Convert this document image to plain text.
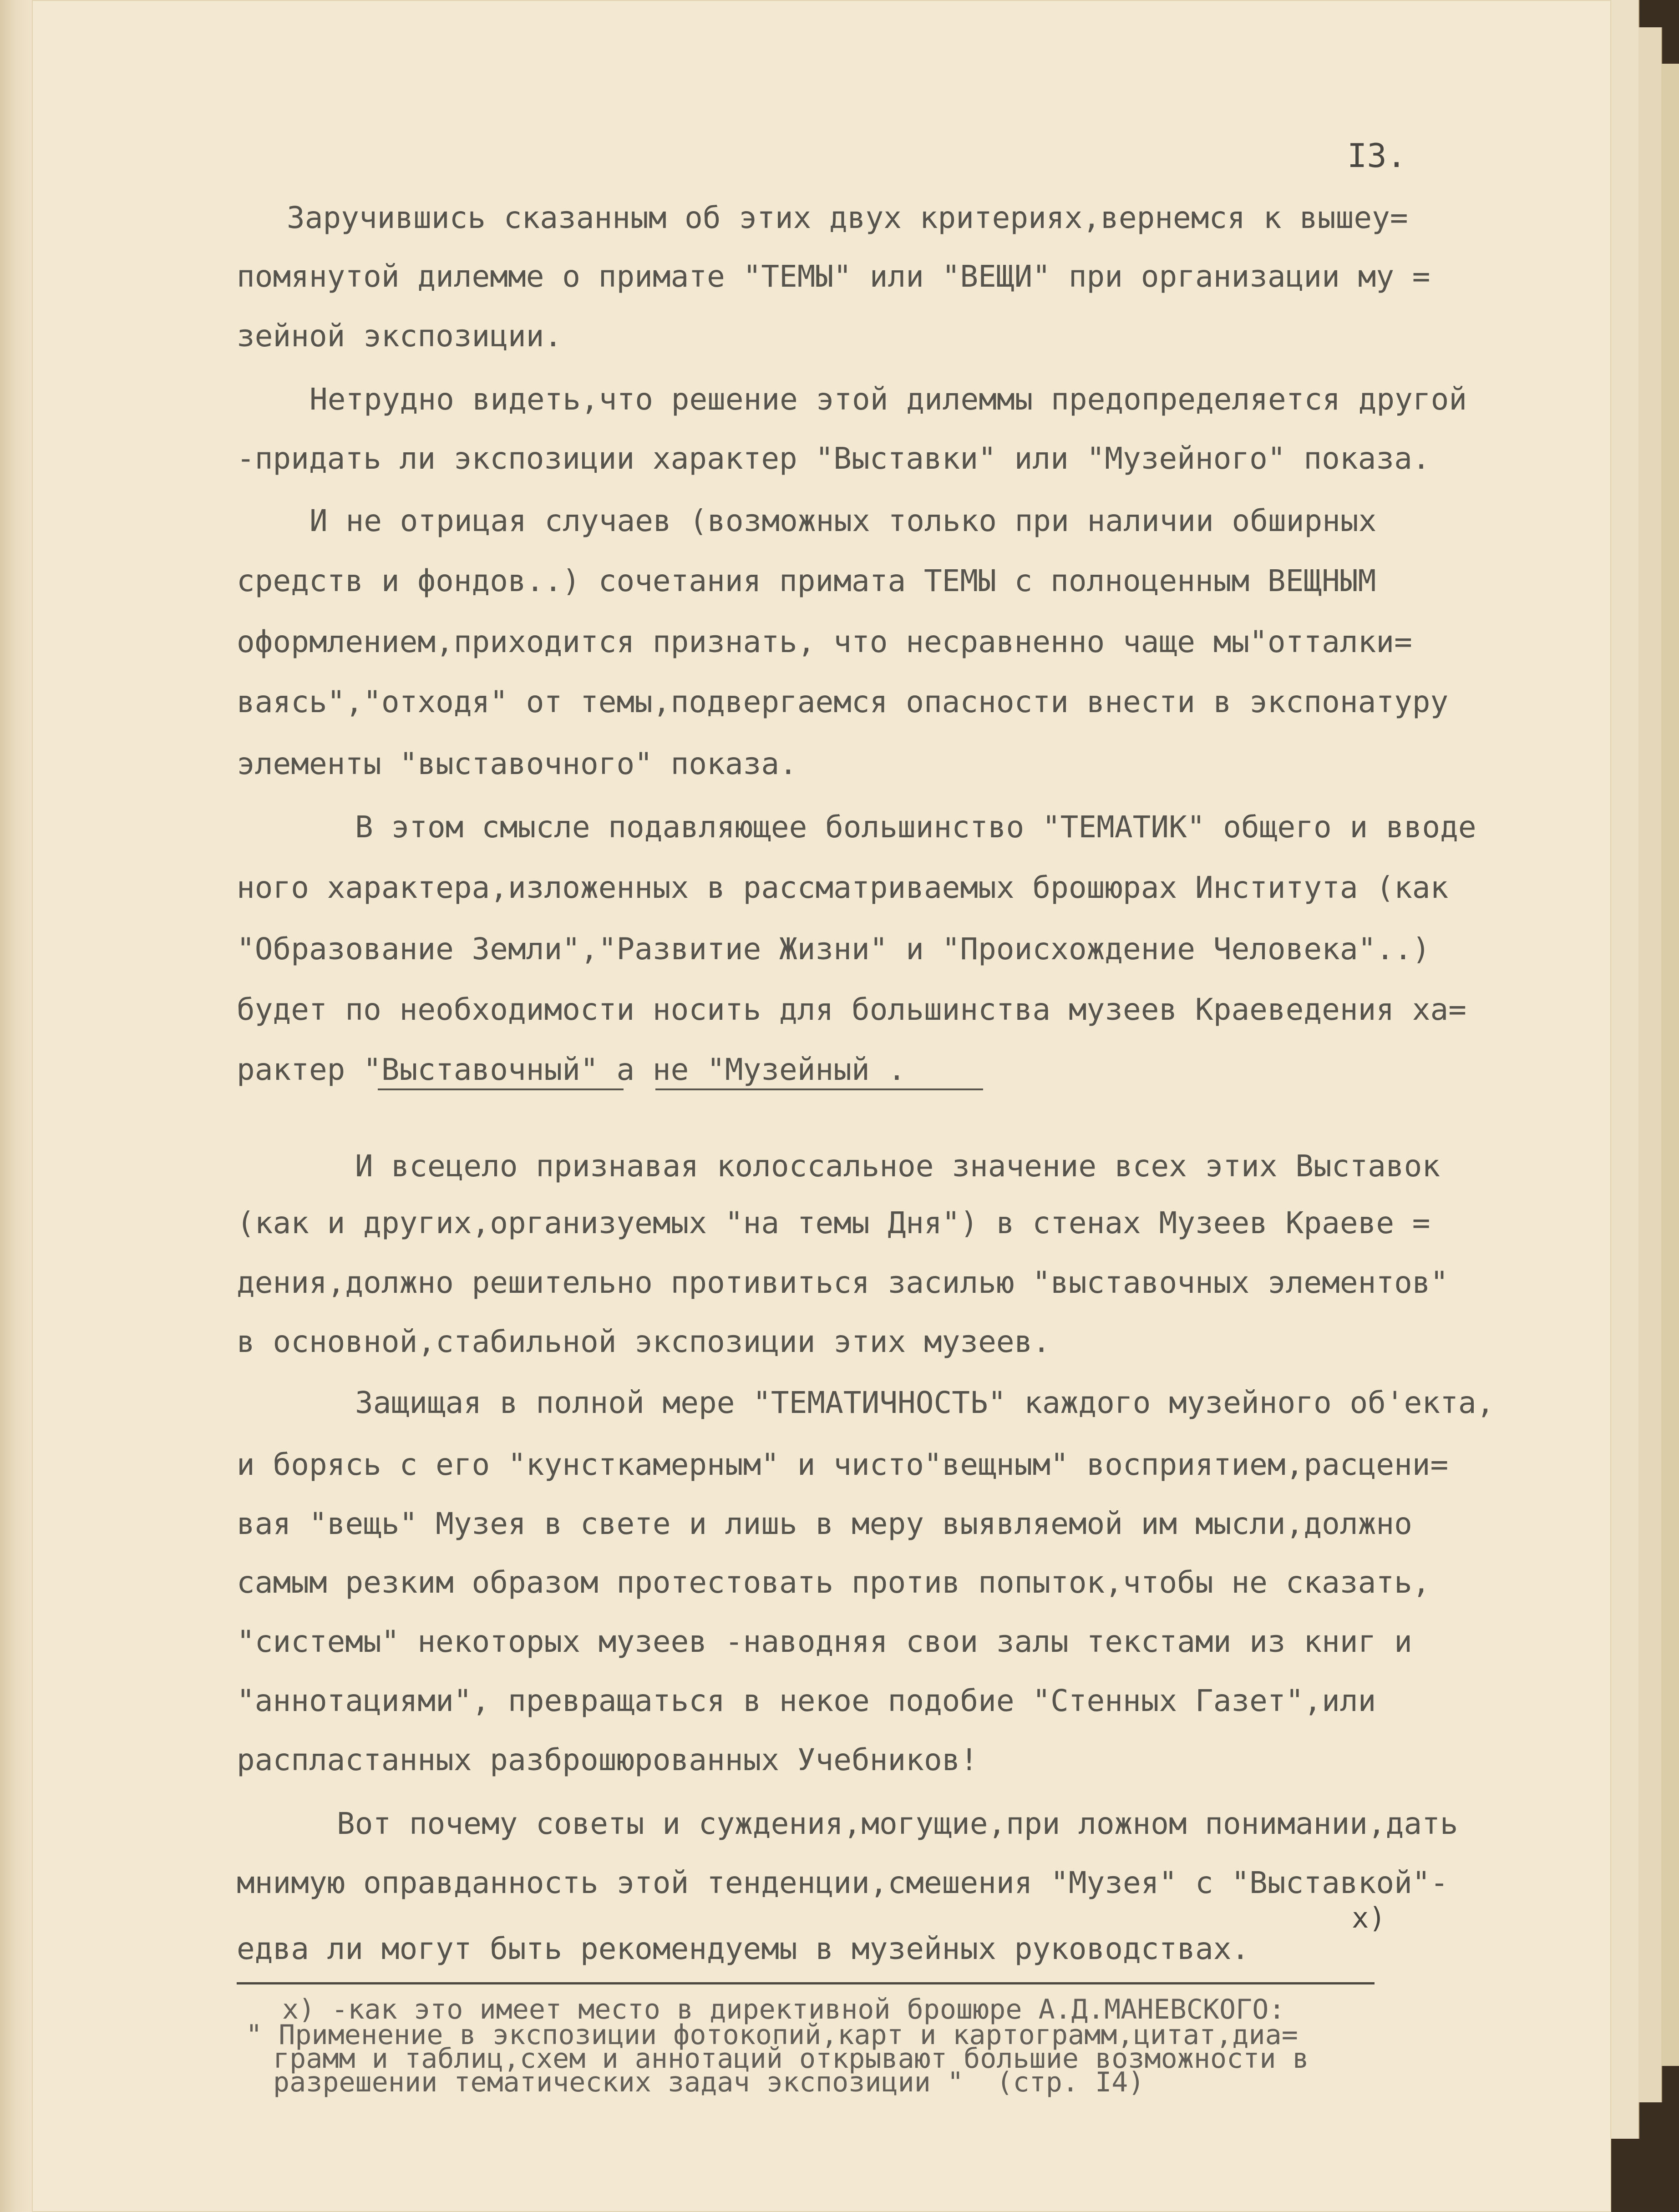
I3.
Заручившись сказанным об этих двух критериях,вернемся к вышеу=
помянутой дилемме о примате "ТЕМЫ" или "ВЕЩИ" при организации му =
зейной экспозиции.
Нетрудно видеть,что решение этой дилеммы предопределяется другой
-придать ли экспозиции характер "Выставки" или "Музейного" показа.
И не отрицая случаев (возможных только при наличии обширных
средств и фондов..) сочетания примата ТЕМЫ с полноценным ВЕЩНЫМ
оформлением,приходится признать, что несравненно чаще мы"отталки=
ваясь","отходя" от темы,подвергаемся опасности внести в экспонатуру
элементы "выставочного" показа.
В этом смысле подавляющее большинство "ТЕМАТИК" общего и вводе
ного характера,изложенных в рассматриваемых брошюрах Института (как
"Образование Земли","Развитие Жизни" и "Происхождение Человека"..)
будет по необходимости носить для большинства музеев Краеведения ха=
рактер "Выставочный" а не "Музейный .
И всецело признавая колоссальное значение всех этих Выставок
(как и других,организуемых "на темы Дня") в стенах Музеев Краеве =
дения,должно решительно противиться засилью "выставочных элементов"
в основной,стабильной экспозиции этих музеев.
Защищая в полной мере "ТЕМАТИЧНОСТЬ" каждого музейного об'екта,
и борясь с его "кунсткамерным" и чисто"вещным" восприятием,расцени=
вая "вещь" Музея в свете и лишь в меру выявляемой им мысли,должно
самым резким образом протестовать против попыток,чтобы не сказать,
"системы" некоторых музеев -наводняя свои залы текстами из книг и
"аннотациями", превращаться в некое подобие "Стенных Газет",или
распластанных разброшюрованных Учебников!
Вот почему советы и суждения,могущие,при ложном понимании,дать
мнимую оправданность этой тенденции,смешения "Музея" с "Выставкой"-
x)
едва ли могут быть рекомендуемы в музейных руководствах.
x) -как это имеет место в директивной брошюре А.Д.МАНЕВСКОГО:
" Применение в экспозиции фотокопий,карт и картограмм,цитат,диа=
грамм и таблиц,схем и аннотаций открывают большие возможности в
разрешении тематических задач экспозиции "  (стр. I4)
